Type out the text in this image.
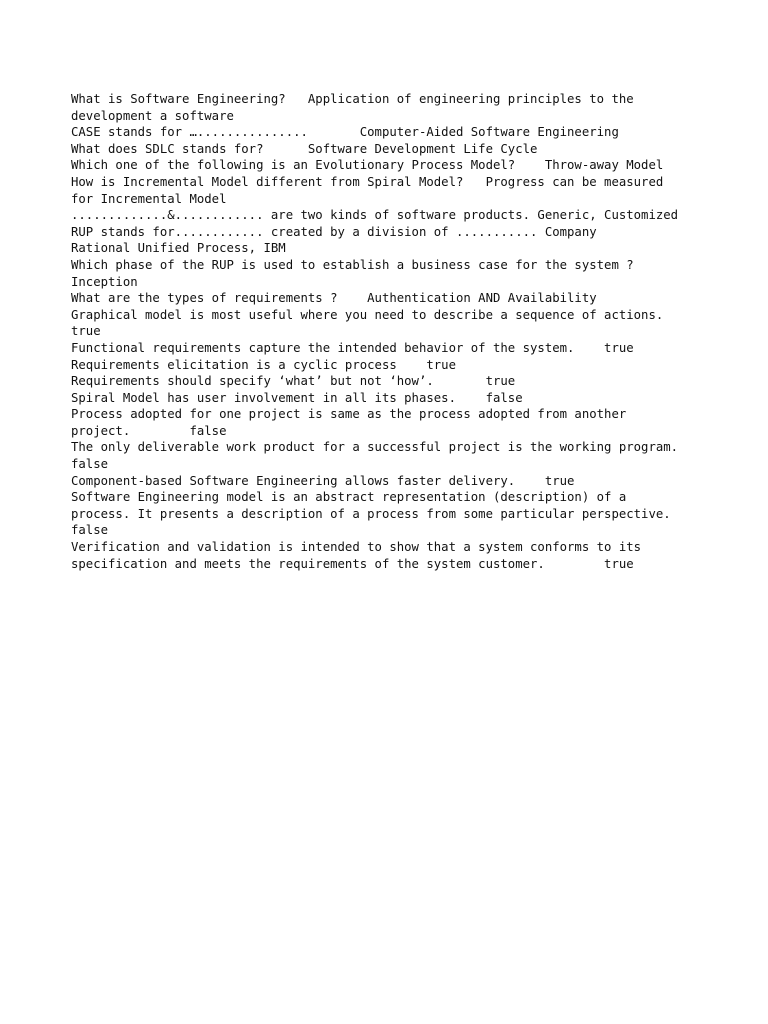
What is Software Engineering?   Application of engineering principles to the

development a software

CASE stands for …...............       Computer-Aided Software Engineering

What does SDLC stands for?      Software Development Life Cycle

Which one of the following is an Evolutionary Process Model?    Throw-away Model

How is Incremental Model different from Spiral Model?   Progress can be measured

for Incremental Model

.............&............ are two kinds of software products. Generic, Customized

RUP stands for............ created by a division of ........... Company

Rational Unified Process, IBM

Which phase of the RUP is used to establish a business case for the system ?

Inception

What are the types of requirements ?    Authentication AND Availability

Graphical model is most useful where you need to describe a sequence of actions.

true

Functional requirements capture the intended behavior of the system.    true

Requirements elicitation is a cyclic process    true

Requirements should specify ‘what’ but not ‘how’.       true

Spiral Model has user involvement in all its phases.    false

Process adopted for one project is same as the process adopted from another

project.        false

The only deliverable work product for a successful project is the working program.

false

Component-based Software Engineering allows faster delivery.    true

Software Engineering model is an abstract representation (description) of a

process. It presents a description of a process from some particular perspective.

false

Verification and validation is intended to show that a system conforms to its

specification and meets the requirements of the system customer.        true
